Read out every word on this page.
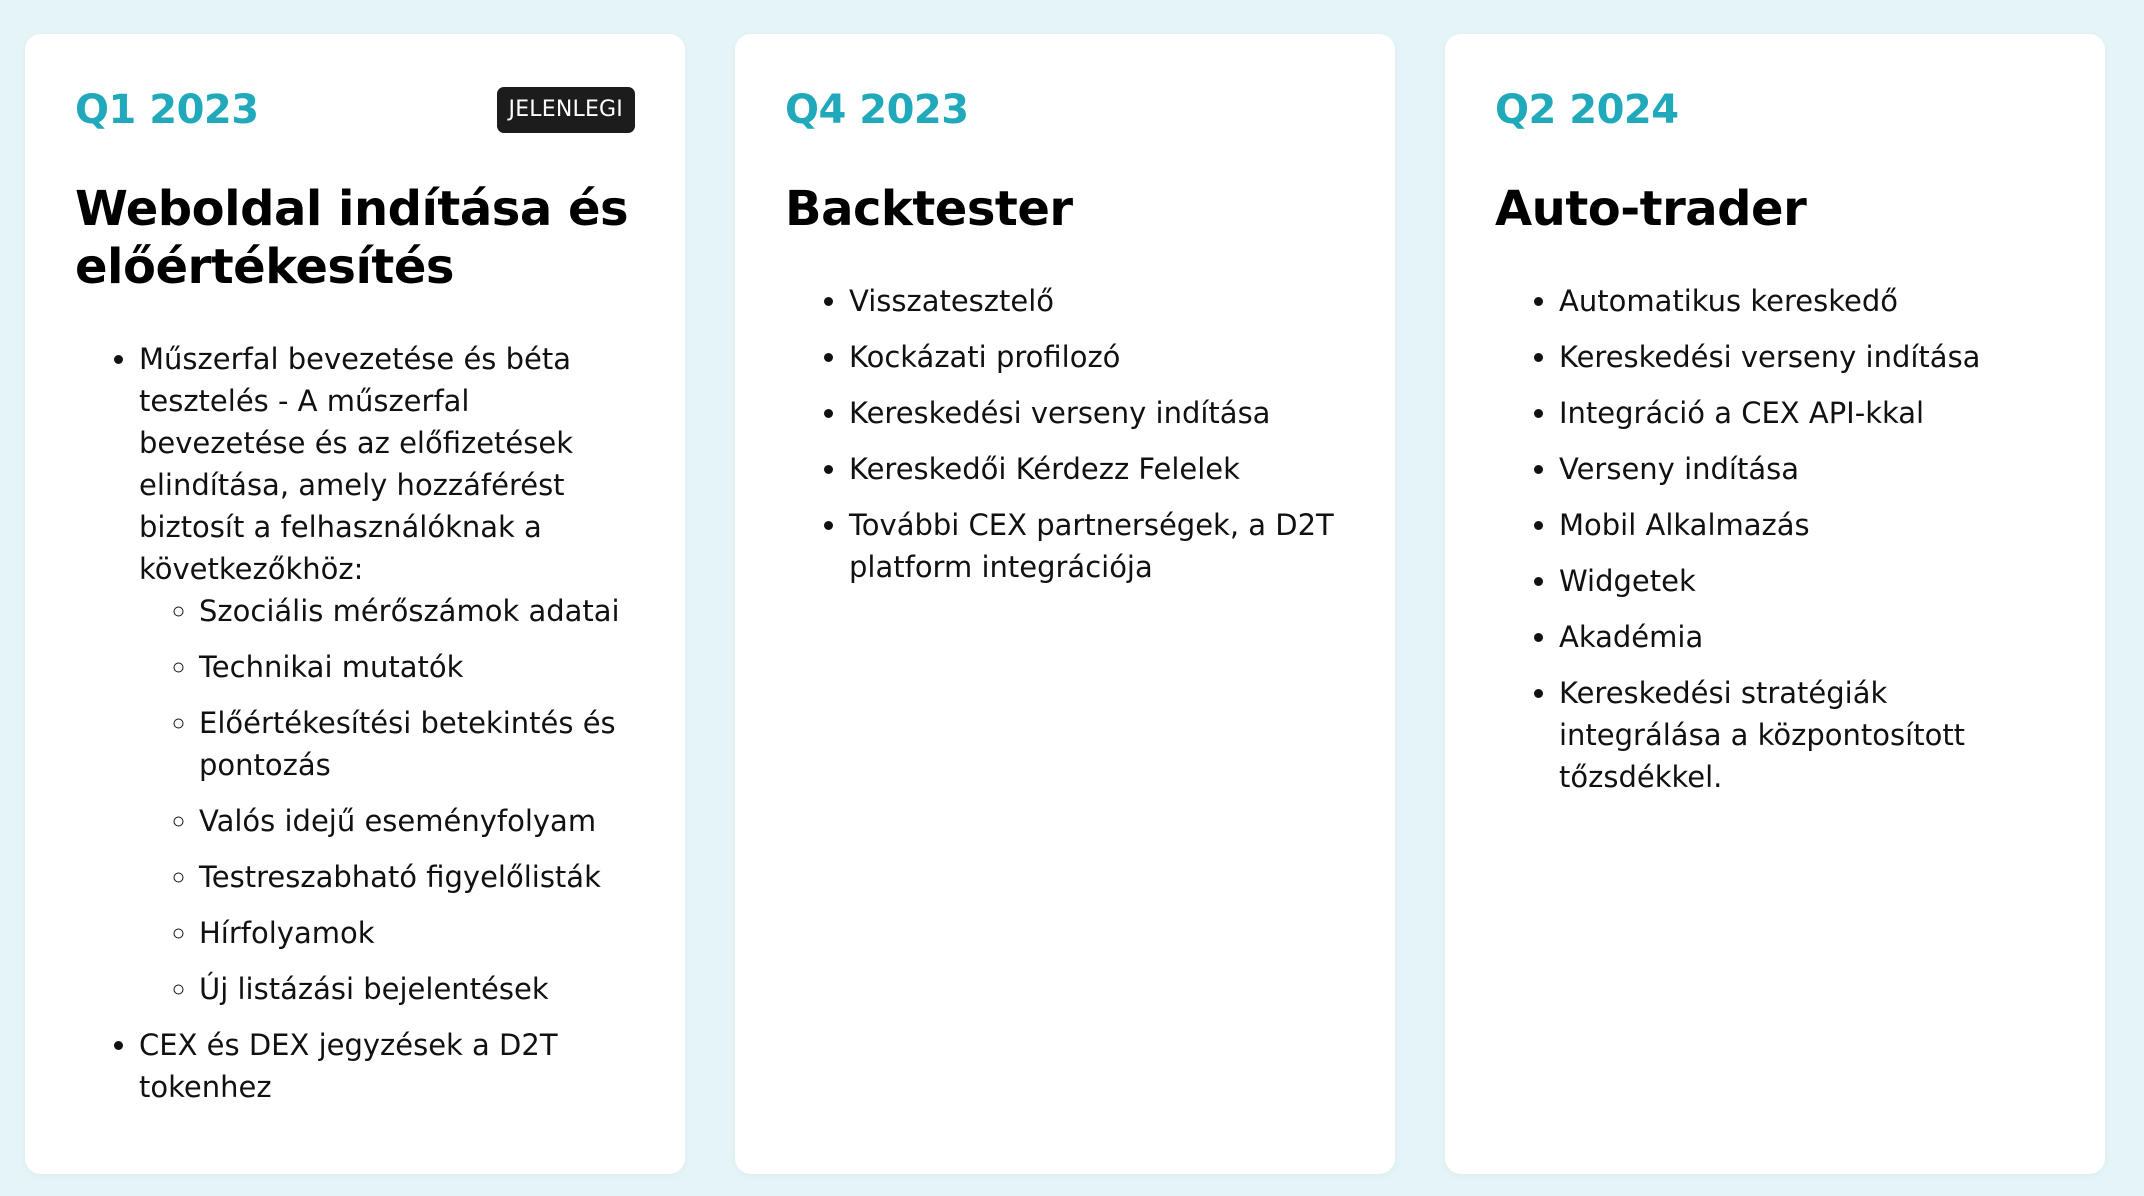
Q1 2023	JELENLEGI
Weboldal indítása és előértékesítés
• Műszerfal bevezetése és béta tesztelés - A műszerfal bevezetése és az előfizetések elindítása, amely hozzáférést biztosít a felhasználóknak a következőkhöz:
◦ Szociális mérőszámok adatai
◦ Technikai mutatók
◦ Előértékesítési betekintés és pontozás
◦ Valós idejű eseményfolyam
◦ Testreszabható figyelőlisták
◦ Hírfolyamok
◦ Új listázási bejelentések
• CEX és DEX jegyzések a D2T tokenhez
Q4 2023
Backtester
• Visszatesztelő
• Kockázati profilozó
• Kereskedési verseny indítása
• Kereskedői Kérdezz Felelek
• További CEX partnerségek, a D2T platform integrációja
Q2 2024
Auto-trader
• Automatikus kereskedő
• Kereskedési verseny indítása
• Integráció a CEX API-kkal
• Verseny indítása
• Mobil Alkalmazás
• Widgetek
• Akadémia
• Kereskedési stratégiák integrálása a központosított tőzsdékkel.
